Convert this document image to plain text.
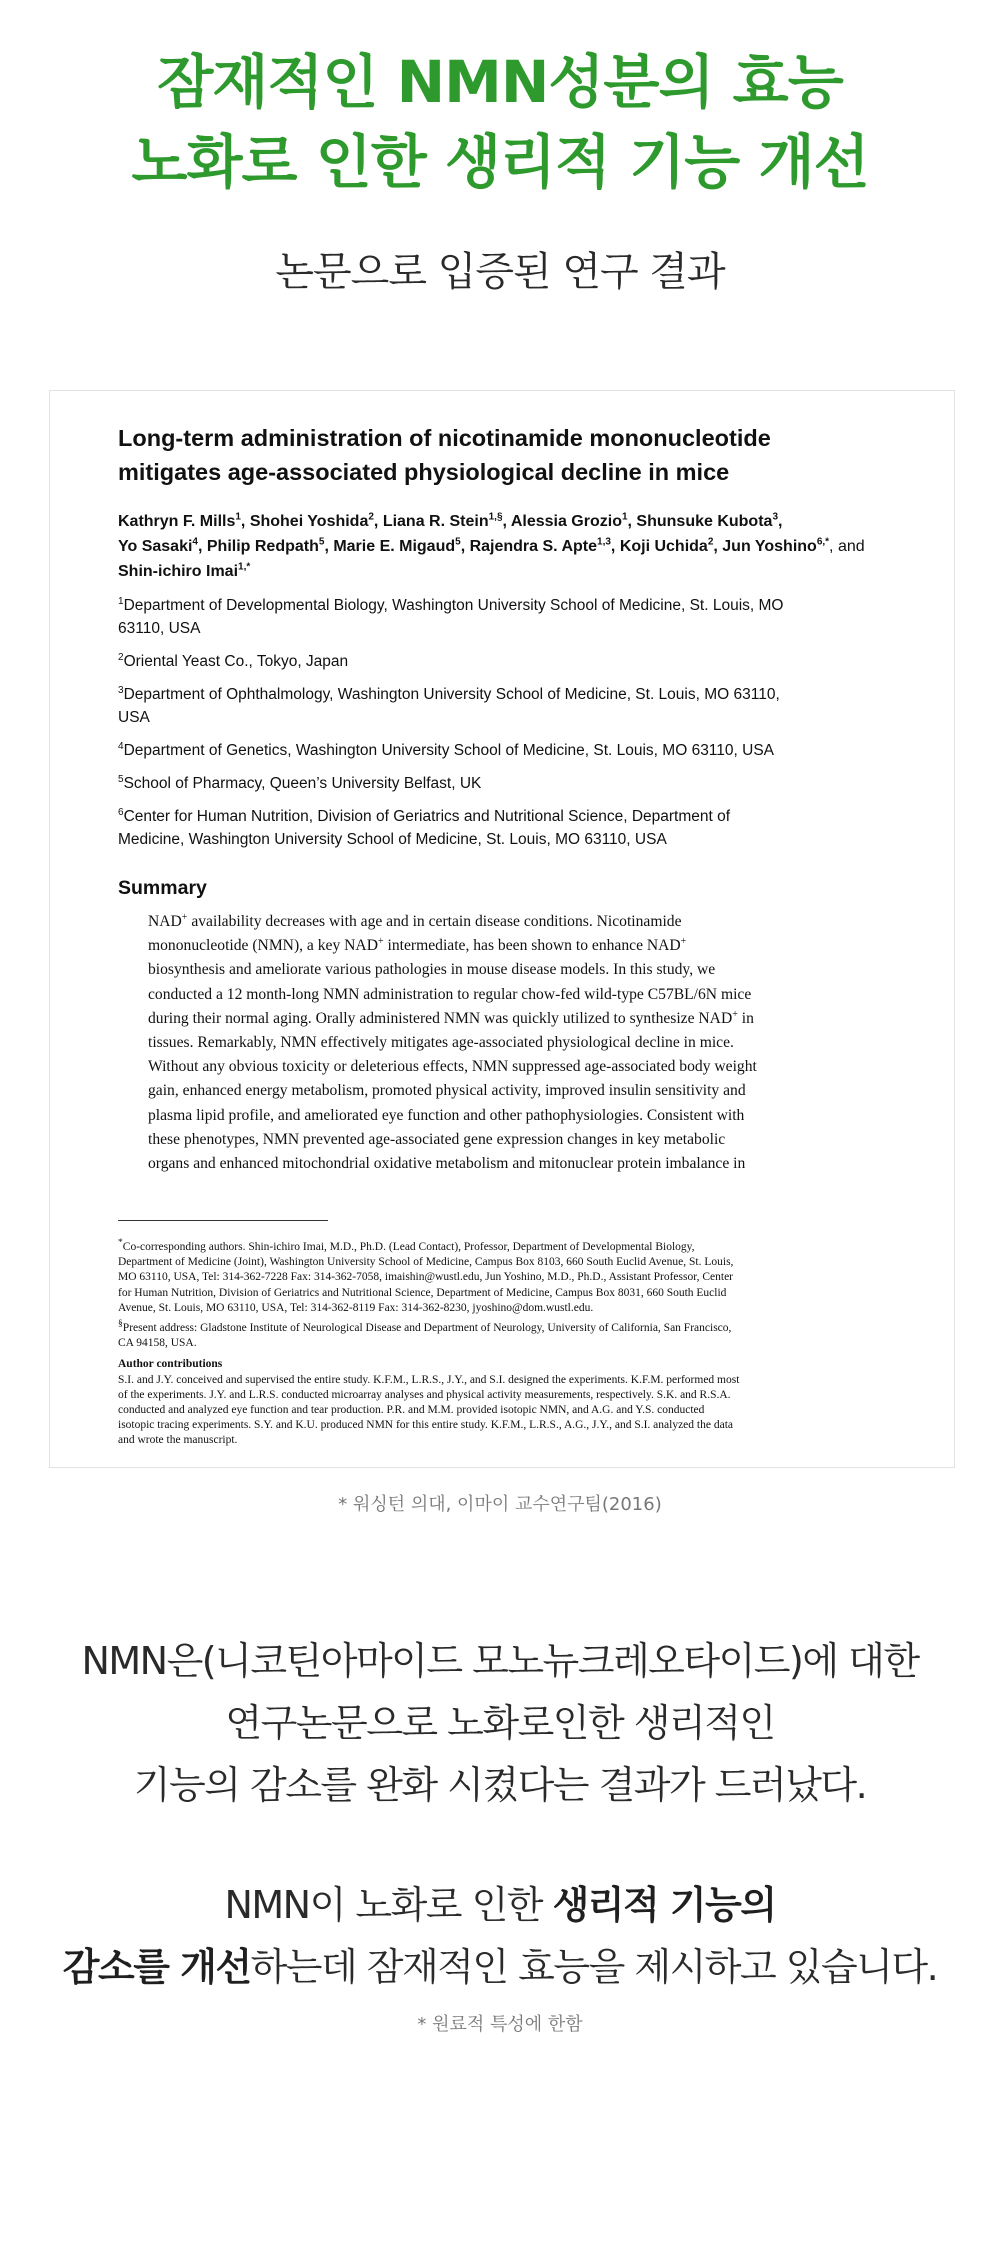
잠재적인 NMN성분의 효능
노화로 인한 생리적 기능 개선
논문으로 입증된 연구 결과
Long-term administration of nicotinamide mononucleotide
mitigates age-associated physiological decline in mice
Kathryn F. Mills$^1$, Shohei Yoshida$^2$, Liana R. Stein$^{1,\S}$, Alessia Grozio$^1$, Shunsuke Kubota$^3$,
Yo Sasaki$^4$, Philip Redpath$^5$, Marie E. Migaud$^5$, Rajendra S. Apte$^{1,3}$, Koji Uchida$^2$, Jun Yoshino$^{6,*}$, and Shin-ichiro Imai$^{1,*}$
$^1$Department of Developmental Biology, Washington University School of Medicine, St. Louis, MO
63110, USA
$^2$Oriental Yeast Co., Tokyo, Japan
$^3$Department of Ophthalmology, Washington University School of Medicine, St. Louis, MO 63110,
USA
$^4$Department of Genetics, Washington University School of Medicine, St. Louis, MO 63110, USA
$^5$School of Pharmacy, Queen’s University Belfast, UK
$^6$Center for Human Nutrition, Division of Geriatrics and Nutritional Science, Department of
Medicine, Washington University School of Medicine, St. Louis, MO 63110, USA
Summary
NAD+ availability decreases with age and in certain disease conditions. Nicotinamide
mononucleotide (NMN), a key NAD+ intermediate, has been shown to enhance NAD+
biosynthesis and ameliorate various pathologies in mouse disease models. In this study, we
conducted a 12 month-long NMN administration to regular chow-fed wild-type C57BL/6N mice
during their normal aging. Orally administered NMN was quickly utilized to synthesize NAD+ in
tissues. Remarkably, NMN effectively mitigates age-associated physiological decline in mice.
Without any obvious toxicity or deleterious effects, NMN suppressed age-associated body weight
gain, enhanced energy metabolism, promoted physical activity, improved insulin sensitivity and
plasma lipid profile, and ameliorated eye function and other pathophysiologies. Consistent with
these phenotypes, NMN prevented age-associated gene expression changes in key metabolic
organs and enhanced mitochondrial oxidative metabolism and mitonuclear protein imbalance in
*Co-corresponding authors. Shin-ichiro Imai, M.D., Ph.D. (Lead Contact), Professor, Department of Developmental Biology,
Department of Medicine (Joint), Washington University School of Medicine, Campus Box 8103, 660 South Euclid Avenue, St. Louis,
MO 63110, USA, Tel: 314-362-7228 Fax: 314-362-7058, imaishin@wustl.edu, Jun Yoshino, M.D., Ph.D., Assistant Professor, Center
for Human Nutrition, Division of Geriatrics and Nutritional Science, Department of Medicine, Campus Box 8031, 660 South Euclid
Avenue, St. Louis, MO 63110, USA, Tel: 314-362-8119 Fax: 314-362-8230, jyoshino@dom.wustl.edu.
§Present address: Gladstone Institute of Neurological Disease and Department of Neurology, University of California, San Francisco,
CA 94158, USA.
Author contributions
S.I. and J.Y. conceived and supervised the entire study. K.F.M., L.R.S., J.Y., and S.I. designed the experiments. K.F.M. performed most
of the experiments. J.Y. and L.R.S. conducted microarray analyses and physical activity measurements, respectively. S.K. and R.S.A.
conducted and analyzed eye function and tear production. P.R. and M.M. provided isotopic NMN, and A.G. and Y.S. conducted
isotopic tracing experiments. S.Y. and K.U. produced NMN for this entire study. K.F.M., L.R.S., A.G., J.Y., and S.I. analyzed the data
and wrote the manuscript.
* 워싱턴 의대, 이마이 교수연구팀(2016)
NMN은(니코틴아마이드 모노뉴크레오타이드)에 대한
연구논문으로 노화로인한 생리적인
기능의 감소를 완화 시켰다는 결과가 드러났다.
NMN이 노화로 인한 생리적 기능의
감소를 개선하는데 잠재적인 효능을 제시하고 있습니다.
* 원료적 특성에 한함
